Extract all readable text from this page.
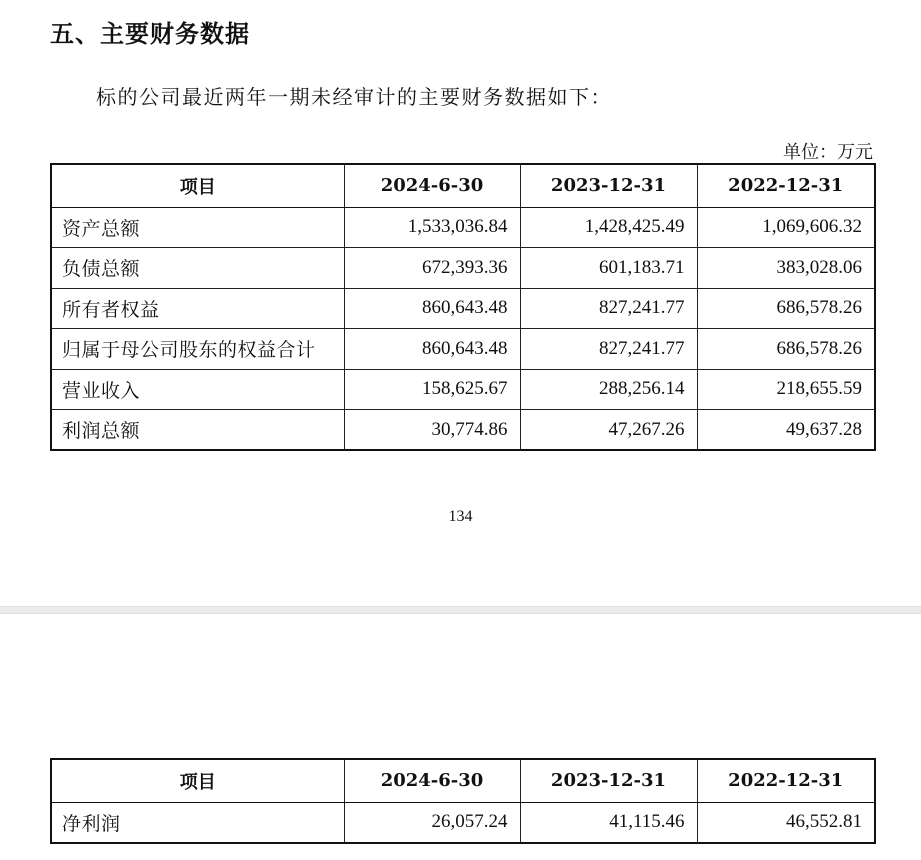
五、主要财务数据
标的公司最近两年一期未经审计的主要财务数据如下：
单位：万元
项目	2024-6-30	2023-12-31	2022-12-31
资产总额	1,533,036.84	1,428,425.49	1,069,606.32
负债总额	672,393.36	601,183.71	383,028.06
所有者权益	860,643.48	827,241.77	686,578.26
归属于母公司股东的权益合计	860,643.48	827,241.77	686,578.26
营业收入	158,625.67	288,256.14	218,655.59
利润总额	30,774.86	47,267.26	49,637.28
134
项目	2024-6-30	2023-12-31	2022-12-31
净利润	26,057.24	41,115.46	46,552.81
